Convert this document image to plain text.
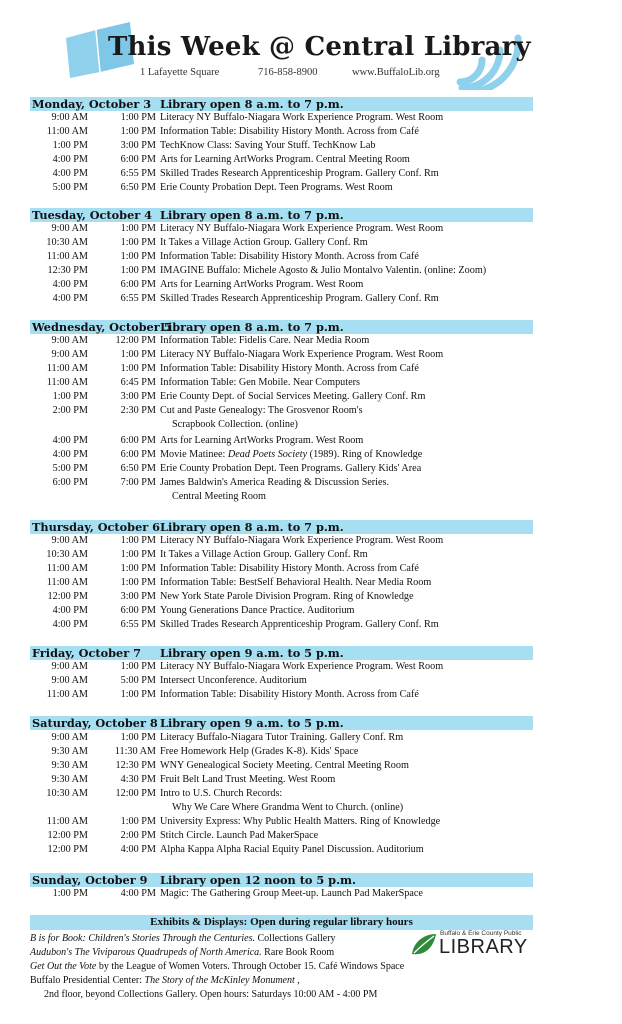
This Week @ Central Library
1 Lafayette Square	716-858-8900	www.BuffaloLib.org
Monday, October 3 Library open 8 a.m. to 7 p.m.
9:00 AM	1:00 PM Literacy NY Buffalo-Niagara Work Experience Program. West Room
11:00 AM	1:00 PM Information Table: Disability History Month. Across from Café
1:00 PM	3:00 PM TechKnow Class: Saving Your Stuff. TechKnow Lab
4:00 PM	6:00 PM Arts for Learning ArtWorks Program. Central Meeting Room
4:00 PM	6:55 PM Skilled Trades Research Apprenticeship Program. Gallery Conf. Rm
5:00 PM	6:50 PM Erie County Probation Dept. Teen Programs. West Room
Tuesday, October 4 Library open 8 a.m. to 7 p.m.
9:00 AM	1:00 PM Literacy NY Buffalo-Niagara Work Experience Program. West Room
10:30 AM	1:00 PM It Takes a Village Action Group. Gallery Conf. Rm
11:00 AM	1:00 PM Information Table: Disability History Month. Across from Café
12:30 PM	1:00 PM IMAGINE Buffalo: Michele Agosto & Julio Montalvo Valentin. (online: Zoom)
4:00 PM	6:00 PM Arts for Learning ArtWorks Program. West Room
4:00 PM	6:55 PM Skilled Trades Research Apprenticeship Program. Gallery Conf. Rm
Wednesday, October 5
Library open 8 a.m. to 7 p.m.
9:00 AM	12:00 PM Information Table: Fidelis Care. Near Media Room
9:00 AM	1:00 PM Literacy NY Buffalo-Niagara Work Experience Program. West Room
11:00 AM	1:00 PM Information Table: Disability History Month. Across from Café
11:00 AM	6:45 PM Information Table: Gen Mobile. Near Computers
1:00 PM	3:00 PM Erie County Dept. of Social Services Meeting. Gallery Conf. Rm
2:00 PM	2:30 PM Cut and Paste Genealogy: The Grosvenor Room's
Scrapbook Collection. (online)
4:00 PM	6:00 PM Arts for Learning ArtWorks Program. West Room
4:00 PM	6:00 PM Movie Matinee: Dead Poets Society (1989). Ring of Knowledge
5:00 PM	6:50 PM Erie County Probation Dept. Teen Programs. Gallery Kids' Area
6:00 PM	7:00 PM James Baldwin's America Reading & Discussion Series.
Central Meeting Room
Thursday, October 6 Library open 8 a.m. to 7 p.m.
9:00 AM	1:00 PM Literacy NY Buffalo-Niagara Work Experience Program. West Room
10:30 AM	1:00 PM It Takes a Village Action Group. Gallery Conf. Rm
11:00 AM	1:00 PM Information Table: Disability History Month. Across from Café
11:00 AM	1:00 PM Information Table: BestSelf Behavioral Health. Near Media Room
12:00 PM	3:00 PM New York State Parole Division Program. Ring of Knowledge
4:00 PM	6:00 PM Young Generations Dance Practice. Auditorium
4:00 PM	6:55 PM Skilled Trades Research Apprenticeship Program. Gallery Conf. Rm
Friday, October 7 Library open 9 a.m. to 5 p.m.
9:00 AM	1:00 PM Literacy NY Buffalo-Niagara Work Experience Program. West Room
9:00 AM	5:00 PM Intersect Unconference. Auditorium
11:00 AM	1:00 PM Information Table: Disability History Month. Across from Café
Saturday, October 8 Library open 9 a.m. to 5 p.m.
9:00 AM	1:00 PM Literacy Buffalo-Niagara Tutor Training. Gallery Conf. Rm
9:30 AM	11:30 AM Free Homework Help (Grades K-8). Kids' Space
9:30 AM	12:30 PM WNY Genealogical Society Meeting. Central Meeting Room
9:30 AM	4:30 PM Fruit Belt Land Trust Meeting. West Room
10:30 AM	12:00 PM Intro to U.S. Church Records:
Why We Care Where Grandma Went to Church. (online)
11:00 AM	1:00 PM University Express: Why Public Health Matters. Ring of Knowledge
12:00 PM	2:00 PM Stitch Circle. Launch Pad MakerSpace
12:00 PM	4:00 PM Alpha Kappa Alpha Racial Equity Panel Discussion. Auditorium
Sunday, October 9 Library open 12 noon to 5 p.m.
1:00 PM	4:00 PM Magic: The Gathering Group Meet-up. Launch Pad MakerSpace
Exhibits & Displays: Open during regular library hours
B is for Book: Children's Stories Through the Centuries. Collections Gallery
Audubon's The Viviparous Quadrupeds of North America. Rare Book Room
Get Out the Vote by the League of Women Voters. Through October 15. Café Windows Space
Buffalo Presidential Center: The Story of the McKinley Monument ,
2nd floor, beyond Collections Gallery. Open hours: Saturdays 10:00 AM - 4:00 PM
Buffalo & Erie County Public
LIBRARY
